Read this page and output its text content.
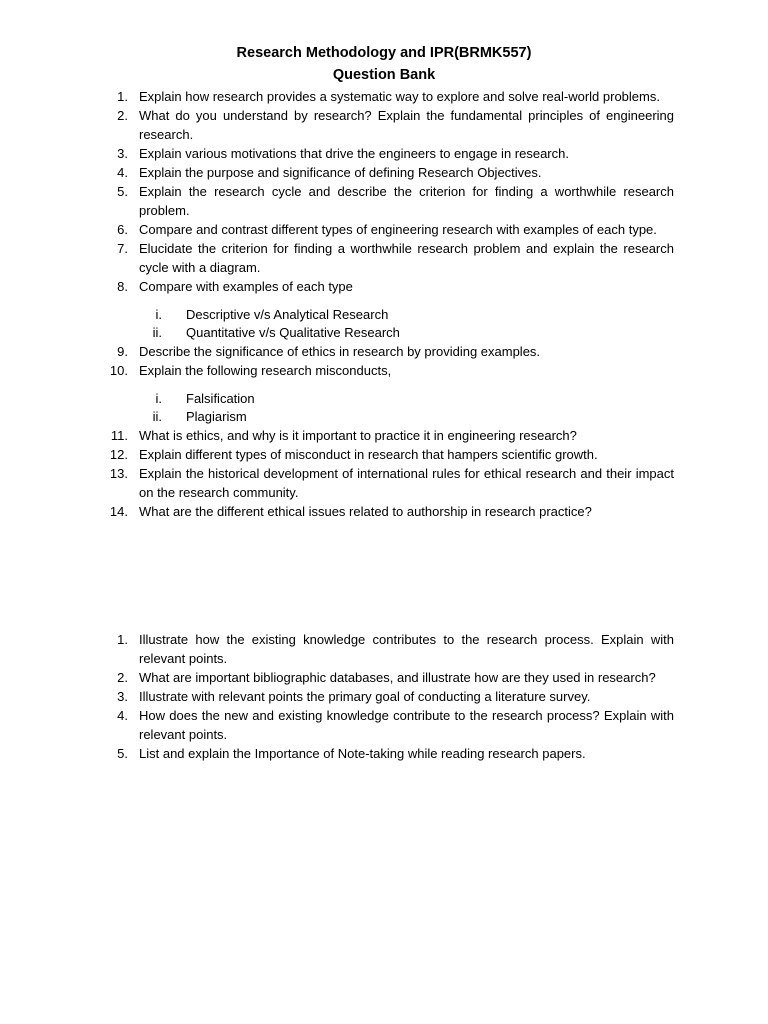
Research Methodology and IPR(BRMK557)
Question Bank
1. Explain how research provides a systematic way to explore and solve real-world problems.
2. What do you understand by research? Explain the fundamental principles of engineering research.
3. Explain various motivations that drive the engineers to engage in research.
4. Explain the purpose and significance of defining Research Objectives.
5. Explain the research cycle and describe the criterion for finding a worthwhile research problem.
6. Compare and contrast different types of engineering research with examples of each type.
7. Elucidate the criterion for finding a worthwhile research problem and explain the research cycle with a diagram.
8. Compare with examples of each type
i. Descriptive v/s Analytical Research
ii. Quantitative v/s Qualitative Research
9. Describe the significance of ethics in research by providing examples.
10. Explain the following research misconducts,
i. Falsification
ii. Plagiarism
11. What is ethics, and why is it important to practice it in engineering research?
12. Explain different types of misconduct in research that hampers scientific growth.
13. Explain the historical development of international rules for ethical research and their impact on the research community.
14. What are the different ethical issues related to authorship in research practice?
1. Illustrate how the existing knowledge contributes to the research process. Explain with relevant points.
2. What are important bibliographic databases, and illustrate how are they used in research?
3. Illustrate with relevant points the primary goal of conducting a literature survey.
4. How does the new and existing knowledge contribute to the research process? Explain with relevant points.
5. List and explain the Importance of Note-taking while reading research papers.
